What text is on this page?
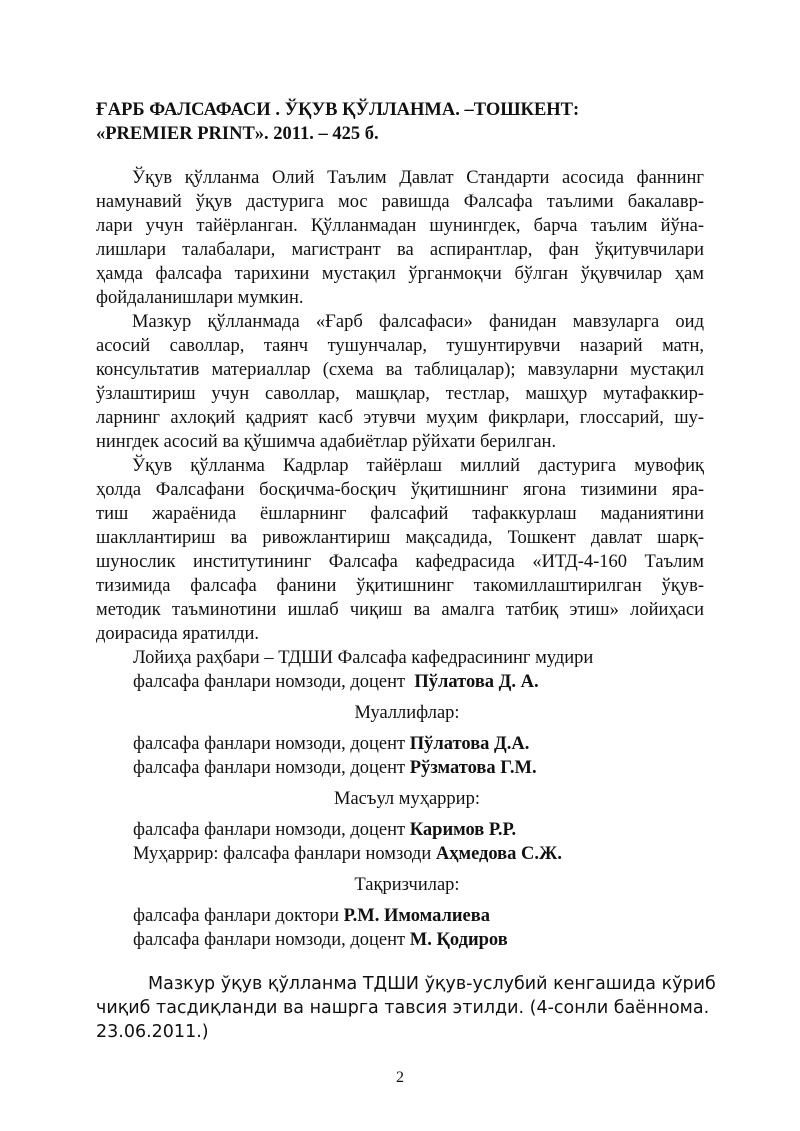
ҒАРБ ФАЛСАФАСИ . ЎҚУВ ҚЎЛЛАНМА. –ТОШКЕНТ:
«PREMIER PRINT». 2011. – 425 б.
Ўқув қўлланма Олий Таълим Давлат Стандарти асосида фаннинг
намунавий ўқув дастурига мос равишда Фалсафа таълими бакалавр-
лари учун тайёрланган. Қўлланмадан шунингдек, барча таълим йўна-
лишлари талабалари, магистрант ва аспирантлар, фан ўқитувчилари
ҳамда фалсафа тарихини мустақил ўрганмоқчи бўлган ўқувчилар ҳам
фойдаланишлари мумкин.
Мазкур қўлланмада «Ғарб фалсафаси» фанидан мавзуларга оид
асосий саволлар, таянч тушунчалар, тушунтирувчи назарий матн,
консультатив материаллар (схема ва таблицалар); мавзуларни мустақил
ўзлаштириш учун саволлар, машқлар, тестлар, машҳур мутафаккир-
ларнинг ахлоқий қадрият касб этувчи муҳим фикрлари, глоссарий, шу-
нингдек асосий ва қўшимча адабиётлар рўйхати берилган.
Ўқув қўлланма Кадрлар тайёрлаш миллий дастурига мувофиқ
ҳолда Фалсафани босқичма-босқич ўқитишнинг ягона тизимини яра-
тиш жараёнида ёшларнинг фалсафий тафаккурлаш маданиятини
шакллантириш ва ривожлантириш мақсадида, Тошкент давлат шарқ-
шунослик институтининг Фалсафа кафедрасида «ИТД-4-160 Таълим
тизимида фалсафа фанини ўқитишнинг такомиллаштирилган ўқув-
методик таъминотини ишлаб чиқиш ва амалга татбиқ этиш» лойиҳаси
доирасида яратилди.
Лойиҳа раҳбари – ТДШИ Фалсафа кафедрасининг мудири
фалсафа фанлари номзоди, доцент  Пўлатова Д. А.
Муаллифлар:
фалсафа фанлари номзоди, доцент Пўлатова Д.А.
фалсафа фанлари номзоди, доцент Рўзматова Г.М.
Масъул муҳаррир:
фалсафа фанлари номзоди, доцент Каримов Р.Р.
Муҳаррир: фалсафа фанлари номзоди Аҳмедова С.Ж.
Тақризчилар:
фалсафа фанлари доктори Р.М. Имомалиева
фалсафа фанлари номзоди, доцент М. Қодиров
Мазкур ўқув қўлланма ТДШИ ўқув-услубий кенгашида кўриб
чиқиб тасдиқланди ва нашрга тавсия этилди. (4-сонли баённома.
23.06.2011.)
2
